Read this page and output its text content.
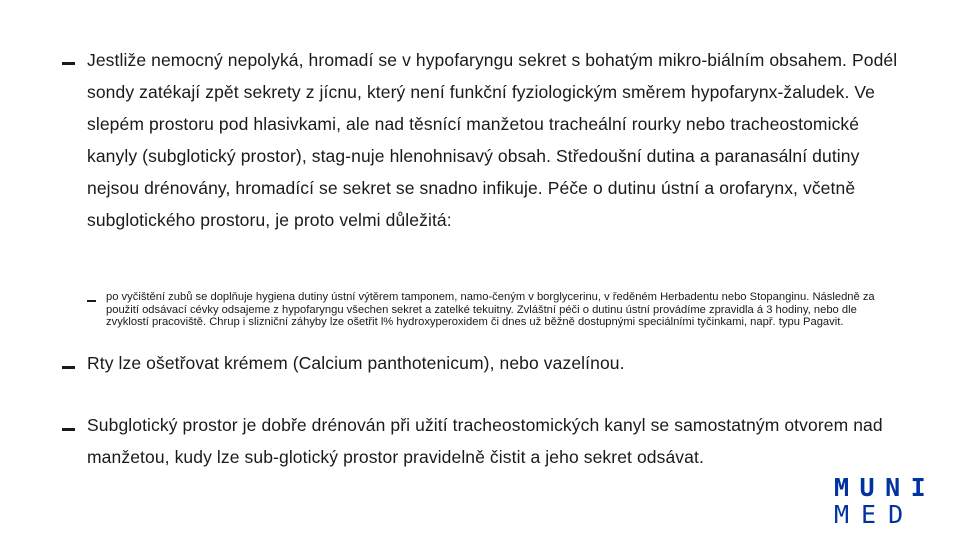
Jestliže nemocný nepolyká, hromadí se v hypofaryngu sekret s bohatým mikro-biálním obsahem. Podél sondy zatékají zpět sekrety z jícnu, který není funkční fyziologickým směrem hypofarynx-žaludek. Ve slepém prostoru pod hlasivkami, ale nad těsnící manžetou tracheální rourky nebo tracheostomické kanyly (subglotický prostor), stag-nuje hlenohnisavý obsah. Středoušní dutina a paranasální dutiny nejsou drénovány, hromadící se sekret se snadno infikuje. Péče o dutinu ústní a orofarynx, včetně subglotického prostoru, je proto velmi důležitá:

po vyčištění zubů se doplňuje hygiena dutiny ústní výtěrem tamponem, namo-čeným v borglycerinu, v ředěném Herbadentu nebo Stopanginu. Následně za použití odsávací cévky odsajeme z hypofaryngu všechen sekret a zatelké tekuitny. Zvláštní péči o dutinu ústní provádíme zpravidla á 3 hodiny, nebo dle zvyklostí pracoviště. Chrup i slizniční záhyby lze ošetřit l% hydroxyperoxidem či dnes už běžně dostupnými speciálními tyčinkami, např. typu Pagavit.

Rty lze ošetřovat krémem (Calcium panthotenicum), nebo vazelínou.

Subglotický prostor je dobře drénován při užití tracheostomických kanyl se samostatným otvorem nad manžetou, kudy lze sub-glotický prostor pravidelně čistit a jeho sekret odsávat.

MUNI
MED
